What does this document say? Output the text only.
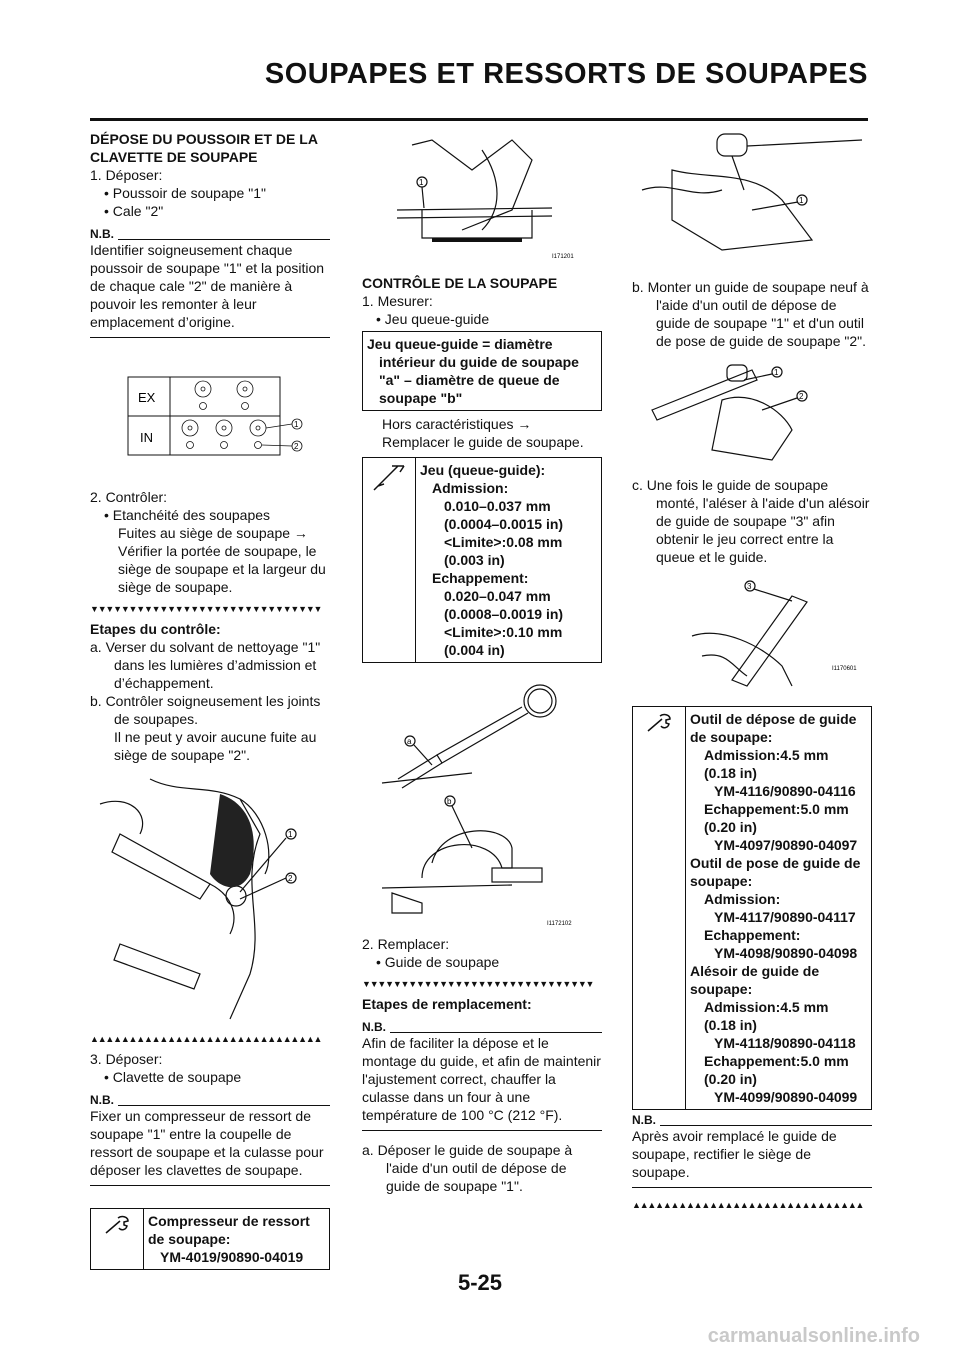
SOUPAPES ET RESSORTS DE SOUPAPES

DÉPOSE DU POUSSOIR ET DE LA

CLAVETTE DE SOUPAPE

1. Déposer:

• Poussoir de soupape "1"

• Cale "2"

N.B.

Identifier soigneusement chaque poussoir de soupape "1" et la position de chaque cale "2" de manière à pouvoir les remonter à leur emplacement d’origine.

EX
IN
1
2

2. Contrôler:

• Etanchéité des soupapes

Fuites au siège de soupape → Vérifier la portée de soupape, le siège de soupape et la largeur du siège de soupape.

▼▼▼▼▼▼▼▼▼▼▼▼▼▼▼▼▼▼▼▼▼▼▼▼▼▼▼▼▼▼

Etapes du contrôle:

a. Verser du solvant de nettoyage "1" dans les lumières d’admission et d’échappement.

b. Contrôler soigneusement les joints de soupapes.

Il ne peut y avoir aucune fuite au siège de soupape "2".

1
2
▲▲▲▲▲▲▲▲▲▲▲▲▲▲▲▲▲▲▲▲▲▲▲▲▲▲▲▲▲▲

3. Déposer:

• Clavette de soupape

N.B.

Fixer un compresseur de ressort de soupape "1" entre la coupelle de ressort de soupape et la culasse pour déposer les clavettes de soupape.

Compresseur de ressort de soupape:

YM-4019/90890-04019

1
I171201

CONTRÔLE DE LA SOUPAPE

1. Mesurer:

• Jeu queue-guide

Jeu queue-guide = diamètre intérieur du guide de soupape "a" – diamètre de queue de soupape "b"

Hors caractéristiques → Remplacer le guide de soupape.

Jeu (queue-guide):

Admission:

0.010–0.037 mm

(0.0004–0.0015 in)

<Limite>:0.08 mm

(0.003 in)

Echappement:

0.020–0.047 mm

(0.0008–0.0019 in)

<Limite>:0.10 mm

(0.004 in)

a
b
I1172102

2. Remplacer:

• Guide de soupape

▼▼▼▼▼▼▼▼▼▼▼▼▼▼▼▼▼▼▼▼▼▼▼▼▼▼▼▼▼▼

Etapes de remplacement:

N.B.

Afin de faciliter la dépose et le montage du guide, et afin de maintenir l'ajustement correct, chauffer la culasse dans un four à une température de 100 °C (212 °F).

a. Déposer le guide de soupape à l'aide d'un outil de dépose de guide de soupape "1".

1

b. Monter un guide de soupape neuf à l'aide d'un outil de dépose de guide de soupape "1" et d'un outil de pose de guide de soupape "2".

1
2

c. Une fois le guide de soupape monté, l'aléser à l'aide d'un alésoir de guide de soupape "3" afin obtenir le jeu correct entre la queue et le guide.

3
I1170601

Outil de dépose de guide de soupape:

Admission:4.5 mm

(0.18 in)

YM-4116/90890-04116

Echappement:5.0 mm

(0.20 in)

YM-4097/90890-04097

Outil de pose de guide de soupape:

Admission:

YM-4117/90890-04117

Echappement:

YM-4098/90890-04098

Alésoir de guide de soupape:

Admission:4.5 mm

(0.18 in)

YM-4118/90890-04118

Echappement:5.0 mm

(0.20 in)

YM-4099/90890-04099

N.B.

Après avoir remplacé le guide de soupape, rectifier le siège de soupape.

▲▲▲▲▲▲▲▲▲▲▲▲▲▲▲▲▲▲▲▲▲▲▲▲▲▲▲▲▲▲
5-25
carmanualsonline.info
